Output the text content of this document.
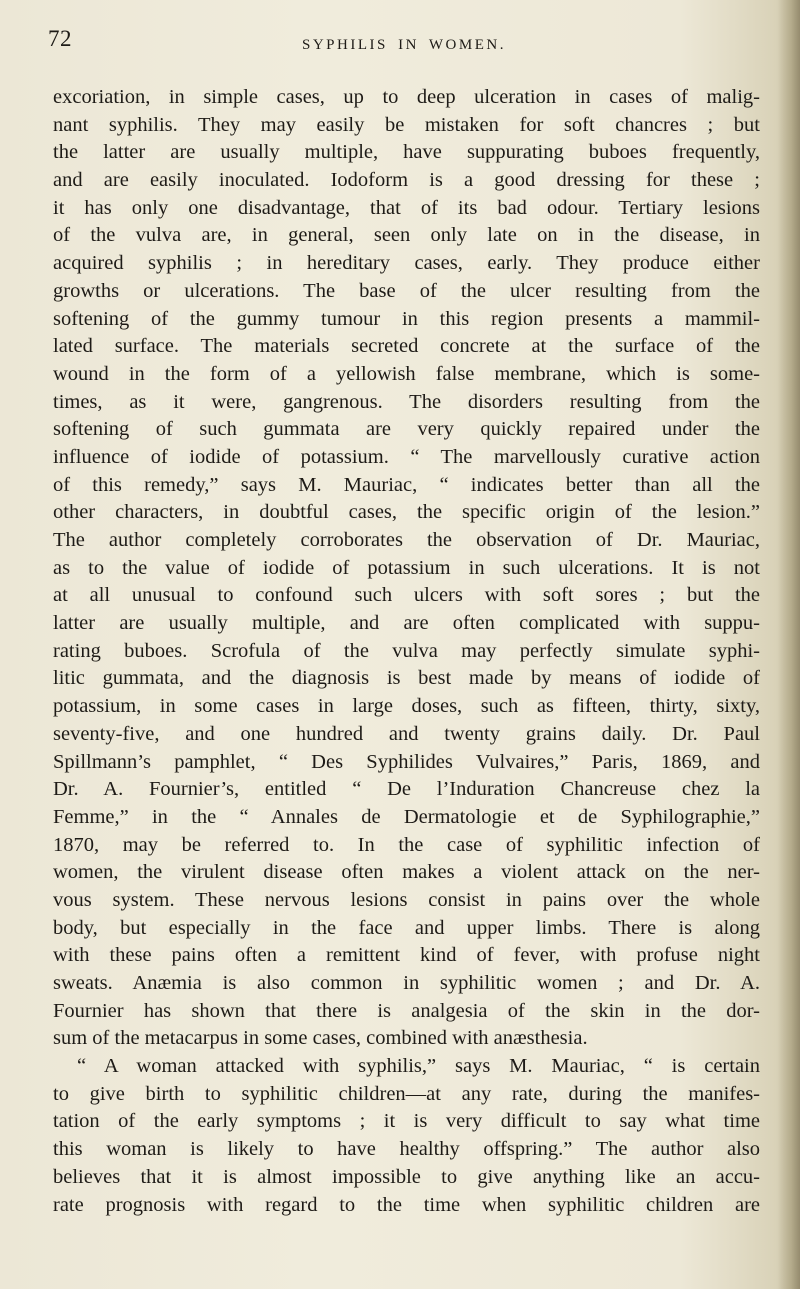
72	SYPHILIS IN WOMEN.
excoriation, in simple cases, up to deep ulceration in cases of malig-
nant syphilis. They may easily be mistaken for soft chancres ; but
the latter are usually multiple, have suppurating buboes frequently,
and are easily inoculated. Iodoform is a good dressing for these ;
it has only one disadvantage, that of its bad odour. Tertiary lesions
of the vulva are, in general, seen only late on in the disease, in
acquired syphilis ; in hereditary cases, early. They produce either
growths or ulcerations. The base of the ulcer resulting from the
softening of the gummy tumour in this region presents a mammil-
lated surface. The materials secreted concrete at the surface of the
wound in the form of a yellowish false membrane, which is some-
times, as it were, gangrenous. The disorders resulting from the
softening of such gummata are very quickly repaired under the
influence of iodide of potassium. “ The marvellously curative action
of this remedy,” says M. Mauriac, “ indicates better than all the
other characters, in doubtful cases, the specific origin of the lesion.”
The author completely corroborates the observation of Dr. Mauriac,
as to the value of iodide of potassium in such ulcerations. It is not
at all unusual to confound such ulcers with soft sores ; but the
latter are usually multiple, and are often complicated with suppu-
rating buboes. Scrofula of the vulva may perfectly simulate syphi-
litic gummata, and the diagnosis is best made by means of iodide of
potassium, in some cases in large doses, such as fifteen, thirty, sixty,
seventy-five, and one hundred and twenty grains daily. Dr. Paul
Spillmann’s pamphlet, “ Des Syphilides Vulvaires,” Paris, 1869, and
Dr. A. Fournier’s, entitled “ De l’Induration Chancreuse chez la
Femme,” in the “ Annales de Dermatologie et de Syphilographie,”
1870, may be referred to. In the case of syphilitic infection of
women, the virulent disease often makes a violent attack on the ner-
vous system. These nervous lesions consist in pains over the whole
body, but especially in the face and upper limbs. There is along
with these pains often a remittent kind of fever, with profuse night
sweats. Anæmia is also common in syphilitic women ; and Dr. A.
Fournier has shown that there is analgesia of the skin in the dor-
sum of the metacarpus in some cases, combined with anæsthesia.
“ A woman attacked with syphilis,” says M. Mauriac, “ is certain
to give birth to syphilitic children—at any rate, during the manifes-
tation of the early symptoms ; it is very difficult to say what time
this woman is likely to have healthy offspring.” The author also
believes that it is almost impossible to give anything like an accu-
rate prognosis with regard to the time when syphilitic children are
